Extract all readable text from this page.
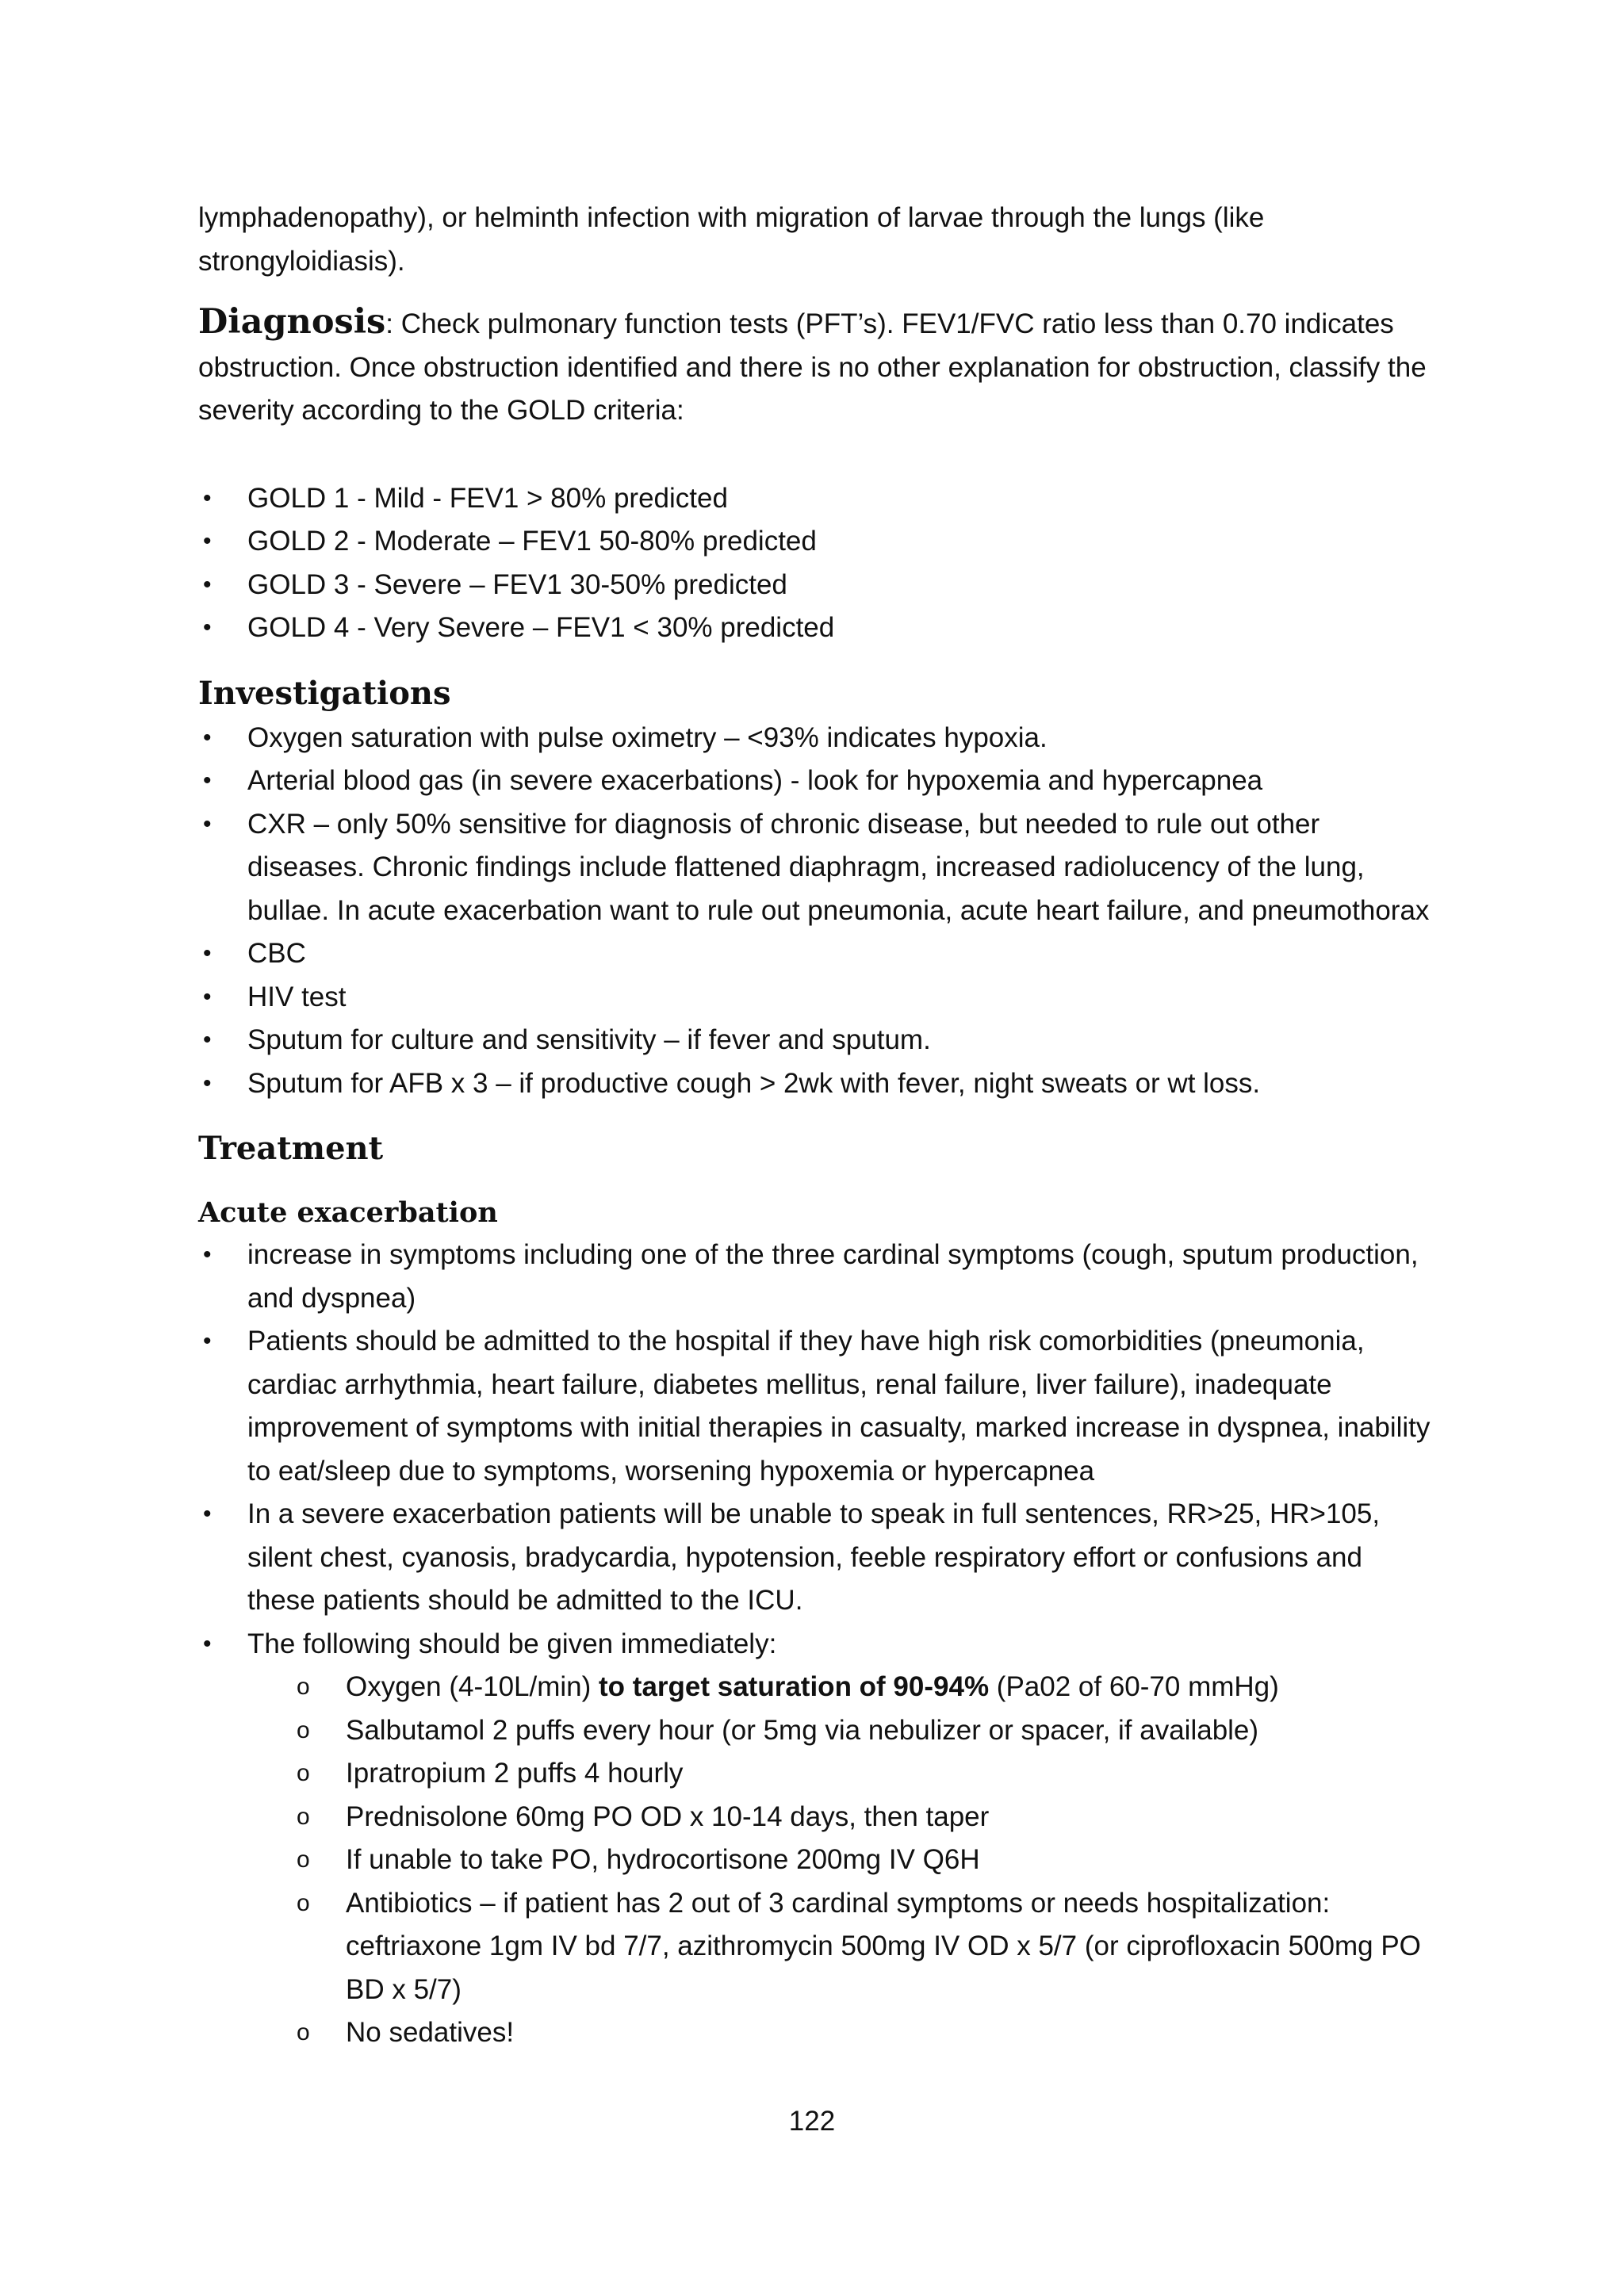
lymphadenopathy), or helminth infection with migration of larvae through the lungs (like
strongyloidiasis).

Diagnosis: Check pulmonary function tests (PFT’s). FEV1/FVC ratio less than 0.70 indicates obstruction. Once obstruction identified and there is no other explanation for obstruction, classify the severity according to the GOLD criteria:

• GOLD 1 - Mild - FEV1 > 80% predicted
• GOLD 2 - Moderate – FEV1 50-80% predicted
• GOLD 3 - Severe – FEV1 30-50% predicted
• GOLD 4 - Very Severe – FEV1 < 30% predicted
Investigations
• Oxygen saturation with pulse oximetry – <93% indicates hypoxia.
• Arterial blood gas (in severe exacerbations) - look for hypoxemia and hypercapnea
• CXR – only 50% sensitive for diagnosis of chronic disease, but needed to rule out other diseases. Chronic findings include flattened diaphragm, increased radiolucency of the lung, bullae. In acute exacerbation want to rule out pneumonia, acute heart failure, and pneumothorax
• CBC
• HIV test
• Sputum for culture and sensitivity – if fever and sputum.
• Sputum for AFB x 3 – if productive cough > 2wk with fever, night sweats or wt loss.
Treatment
Acute exacerbation
• increase in symptoms including one of the three cardinal symptoms (cough, sputum production, and dyspnea)
• Patients should be admitted to the hospital if they have high risk comorbidities (pneumonia, cardiac arrhythmia, heart failure, diabetes mellitus, renal failure, liver failure), inadequate improvement of symptoms with initial therapies in casualty, marked increase in dyspnea, inability to eat/sleep due to symptoms, worsening hypoxemia or hypercapnea
• In a severe exacerbation patients will be unable to speak in full sentences, RR>25, HR>105, silent chest, cyanosis, bradycardia, hypotension, feeble respiratory effort or confusions and these patients should be admitted to the ICU.
• The following should be given immediately:
o Oxygen (4-10L/min) to target saturation of 90-94% (Pa02 of 60-70 mmHg)
o Salbutamol 2 puffs every hour (or 5mg via nebulizer or spacer, if available)
o Ipratropium 2 puffs 4 hourly
o Prednisolone 60mg PO OD x 10-14 days, then taper
o If unable to take PO, hydrocortisone 200mg IV Q6H
o Antibiotics – if patient has 2 out of 3 cardinal symptoms or needs hospitalization: ceftriaxone 1gm IV bd 7/7, azithromycin 500mg IV OD x 5/7 (or ciprofloxacin 500mg PO BD x 5/7)
o No sedatives!
122
